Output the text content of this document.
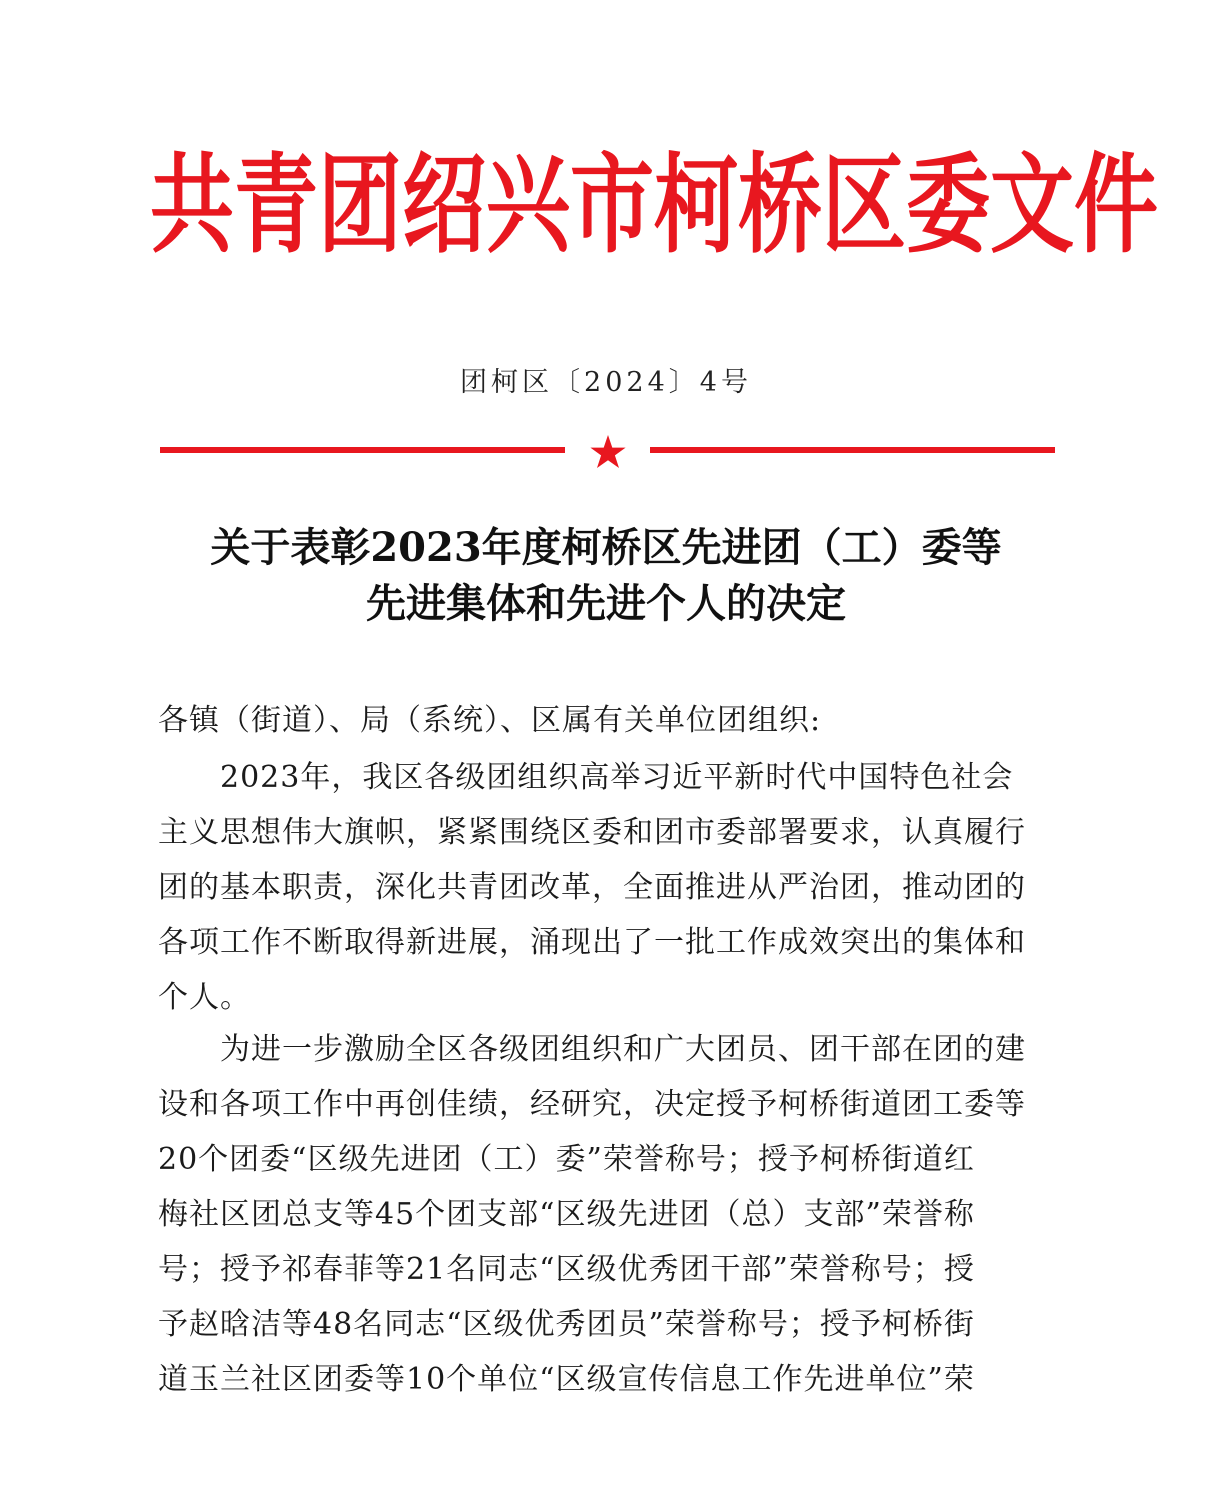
共青团绍兴市柯桥区委文件

团柯区〔2024〕4号

关于表彰2023年度柯桥区先进团（工）委等
先进集体和先进个人的决定

各镇（街道）、局（系统）、区属有关单位团组织:

2023年，我区各级团组织高举习近平新时代中国特色社会
主义思想伟大旗帜，紧紧围绕区委和团市委部署要求，认真履行
团的基本职责，深化共青团改革，全面推进从严治团，推动团的
各项工作不断取得新进展，涌现出了一批工作成效突出的集体和
个人。
为进一步激励全区各级团组织和广大团员、团干部在团的建
设和各项工作中再创佳绩，经研究，决定授予柯桥街道团工委等
20个团委“区级先进团（工）委”荣誉称号；授予柯桥街道红
梅社区团总支等45个团支部“区级先进团（总）支部”荣誉称
号；授予祁春菲等21名同志“区级优秀团干部”荣誉称号；授
予赵晗洁等48名同志“区级优秀团员”荣誉称号；授予柯桥街
道玉兰社区团委等10个单位“区级宣传信息工作先进单位”荣
